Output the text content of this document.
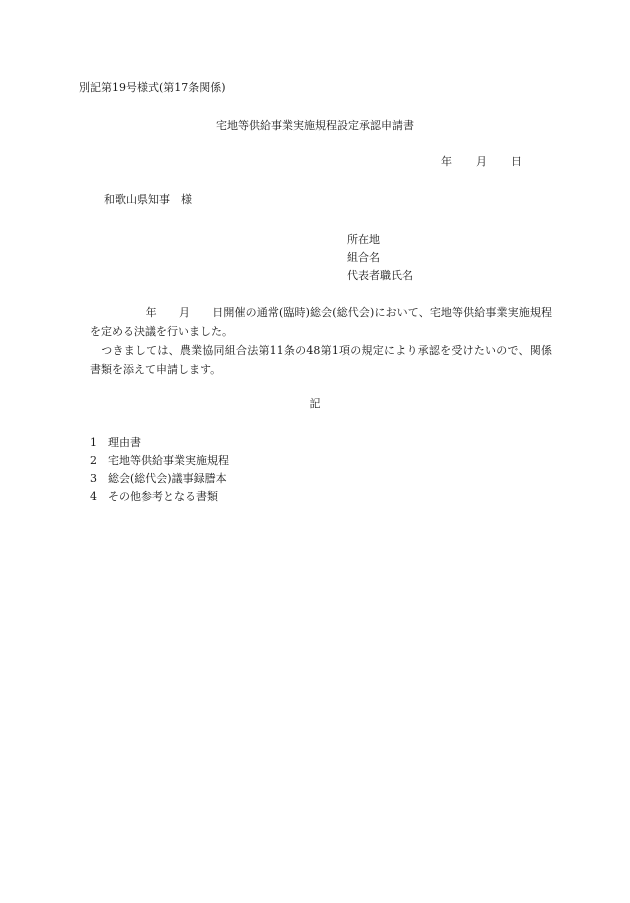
別記第19号様式(第17条関係)
宅地等供給事業実施規程設定承認申請書
年 月 日
和歌山県知事　様
所在地
組合名
代表者職氏名
　　　　　年　　月　　日開催の通常(臨時)総会(総代会)において、宅地等供給事業実施規程を定める決議を行いました。
　つきましては、農業協同組合法第11条の48第1項の規定により承認を受けたいので、関係書類を添えて申請します。
記
1	理由書
2	宅地等供給事業実施規程
3	総会(総代会)議事録謄本
4	その他参考となる書類
